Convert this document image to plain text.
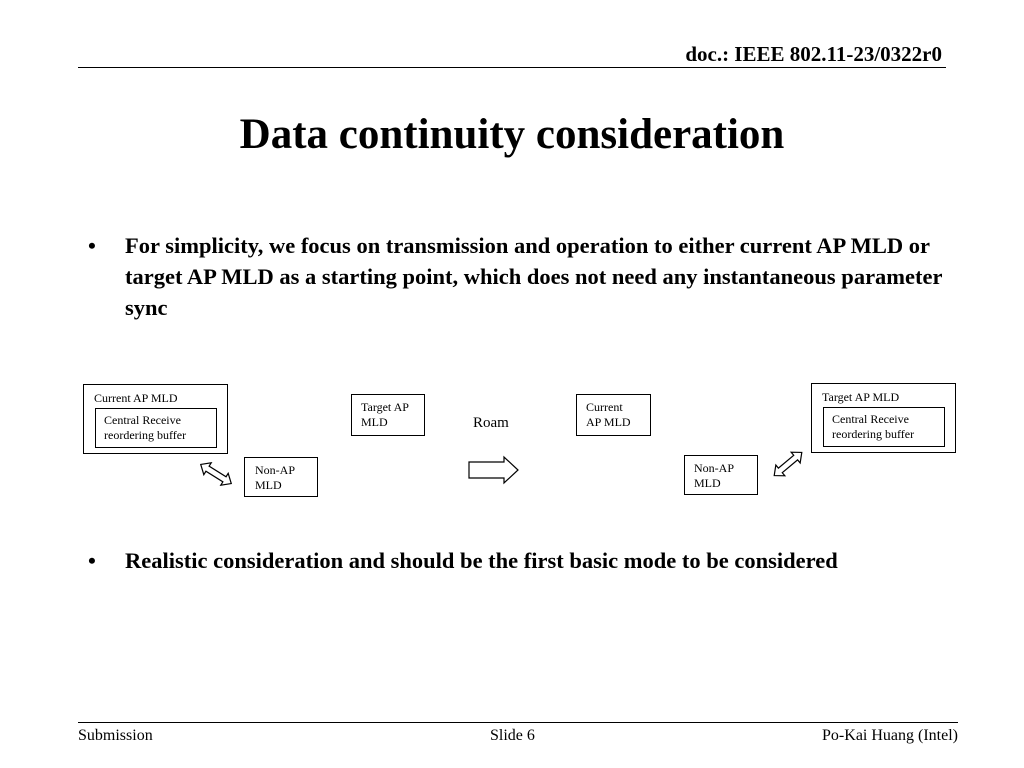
doc.: IEEE 802.11-23/0322r0
Data continuity consideration
• For simplicity, we focus on transmission and operation to either current AP MLD or target AP MLD as a starting point, which does not need any instantaneous parameter sync
Current AP MLD
Central Receive
reordering buffer
Target AP
MLD
Non-AP
MLD
Roam
Current
AP MLD
Target AP MLD
Central Receive
reordering buffer
Non-AP
MLD
• Realistic consideration and should be the first basic mode to be considered
Submission	Slide 6	Po-Kai Huang (Intel)
